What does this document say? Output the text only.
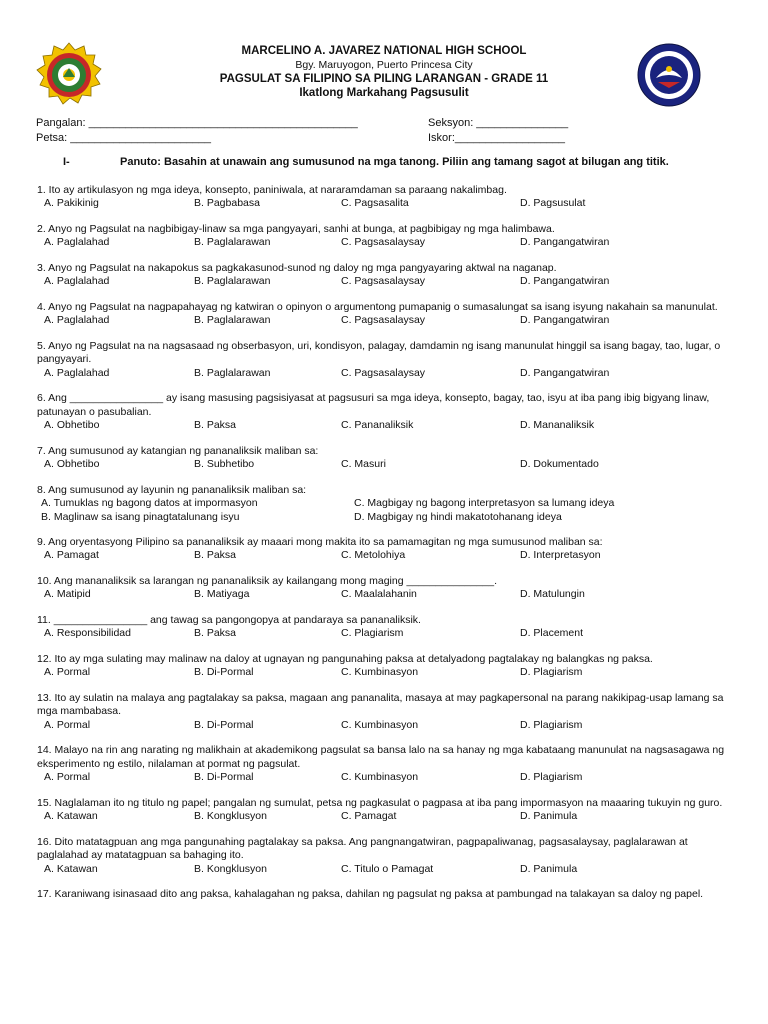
MARCELINO A. JAVAREZ NATIONAL HIGH SCHOOL
Bgy. Maruyogon, Puerto Princesa City
PAGSULAT SA FILIPINO SA PILING LARANGAN - GRADE 11
Ikatlong Markahang Pagsusulit
Pangalan: ____________________________________________	Seksyon: _______________
Petsa: _______________________	Iskor:__________________
I-	Panuto: Basahin at unawain ang sumusunod na mga tanong. Piliin ang tamang sagot at bilugan ang titik.
1. Ito ay artikulasyon ng mga ideya, konsepto, paniniwala, at nararamdaman sa paraang nakalimbag.
A. Pakikinig	B. Pagbabasa	C. Pagsasalita	D. Pagsusulat
2. Anyo ng Pagsulat na nagbibigay-linaw sa mga pangyayari, sanhi at bunga, at pagbibigay ng mga halimbawa.
A. Paglalahad	B. Paglalarawan	C. Pagsasalaysay	D. Pangangatwiran
3. Anyo ng Pagsulat na nakapokus sa pagkakasunod-sunod ng daloy ng mga pangyayaring aktwal na naganap.
A. Paglalahad	B. Paglalarawan	C. Pagsasalaysay	D. Pangangatwiran
4. Anyo ng Pagsulat na nagpapahayag ng katwiran o opinyon o argumentong pumapanig o sumasalungat sa isang isyung nakahain sa manunulat.
A. Paglalahad	B. Paglalarawan	C. Pagsasalaysay	D. Pangangatwiran
5. Anyo ng Pagsulat na na nagsasaad ng obserbasyon, uri, kondisyon, palagay, damdamin ng isang manunulat hinggil sa isang bagay, tao, lugar, o pangyayari.
A. Paglalahad	B. Paglalarawan	C. Pagsasalaysay	D. Pangangatwiran
6. Ang ________________ ay isang masusing pagsisiyasat at pagsusuri sa mga ideya, konsepto, bagay, tao, isyu at iba pang ibig bigyang linaw, patunayan o pasubalian.
A. Obhetibo	B. Paksa	C. Pananaliksik	D. Mananaliksik
7. Ang sumusunod ay katangian ng pananaliksik maliban sa:
A. Obhetibo	B. Subhetibo	C. Masuri	D. Dokumentado
8. Ang sumusunod ay layunin ng pananaliksik maliban sa:
A. Tumuklas ng bagong datos at impormasyon	C. Magbigay ng bagong interpretasyon sa lumang ideya
B. Maglinaw sa isang pinagtatalunang isyu	D. Magbigay ng hindi makatotohanang ideya
9. Ang oryentasyong Pilipino sa pananaliksik ay maaari mong makita ito sa pamamagitan ng mga sumusunod maliban sa:
A. Pamagat	B. Paksa	C. Metolohiya	D. Interpretasyon
10. Ang mananaliksik sa larangan ng pananaliksik ay kailangang mong maging _______________.
A. Matipid	B. Matiyaga	C. Maalalahanin	D. Matulungin
11. ________________ ang tawag sa pangongopya at pandaraya sa pananaliksik.
A. Responsibilidad	B. Paksa	C. Plagiarism	D. Placement
12. Ito ay mga sulating may malinaw na daloy at ugnayan ng pangunahing paksa at detalyadong pagtalakay ng balangkas ng paksa.
A. Pormal	B. Di-Pormal	C. Kumbinasyon	D. Plagiarism
13. Ito ay sulatin na malaya ang pagtalakay sa paksa, magaan ang pananalita, masaya at may pagkapersonal na parang nakikipag-usap lamang sa mga mambabasa.
A. Pormal	B. Di-Pormal	C. Kumbinasyon	D. Plagiarism
14. Malayo na rin ang narating ng malikhain at akademikong pagsulat sa bansa lalo na sa hanay ng mga kabataang manunulat na nagsasagawa ng eksperimento ng estilo, nilalaman at pormat ng pagsulat.
A. Pormal	B. Di-Pormal	C. Kumbinasyon	D. Plagiarism
15. Naglalaman ito ng titulo ng papel; pangalan ng sumulat, petsa ng pagkasulat o pagpasa at iba pang impormasyon na maaaring tukuyin ng guro.
A. Katawan	B. Kongklusyon	C. Pamagat	D. Panimula
16. Dito matatagpuan ang mga pangunahing pagtalakay sa paksa. Ang pangnangatwiran, pagpapaliwanag, pagsasalaysay, paglalarawan at paglalahad ay matatagpuan sa bahaging ito.
A. Katawan	B. Kongklusyon	C. Titulo o Pamagat	D. Panimula
17. Karaniwang isinasaad dito ang paksa, kahalagahan ng paksa, dahilan ng pagsulat ng paksa at pambungad na talakayan sa daloy ng papel.
